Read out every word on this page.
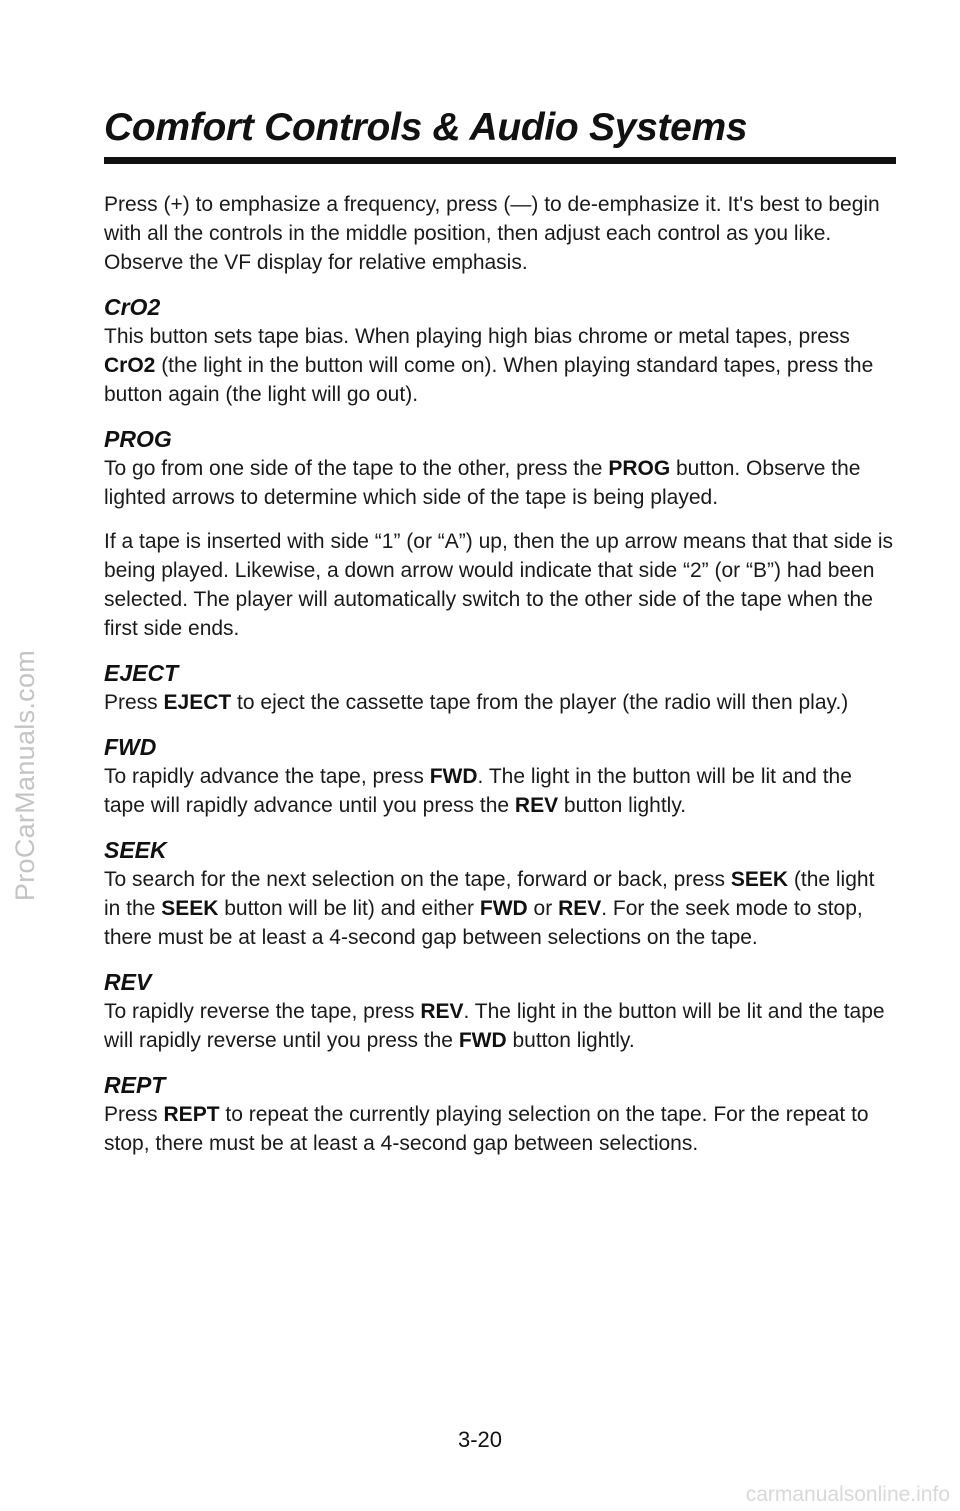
ProCarManuals.com
Comfort Controls & Audio Systems

Press (+) to emphasize a frequency, press (—) to de-emphasize it. It's best to begin with all the controls in the middle position, then adjust each control as you like. Observe the VF display for relative emphasis.

CrO2

This button sets tape bias. When playing high bias chrome or metal tapes, press CrO2 (the light in the button will come on). When playing standard tapes, press the button again (the light will go out).

PROG

To go from one side of the tape to the other, press the PROG button. Observe the lighted arrows to determine which side of the tape is being played.

If a tape is inserted with side “1” (or “A”) up, then the up arrow means that that side is being played. Likewise, a down arrow would indicate that side “2” (or “B”) had been selected. The player will automatically switch to the other side of the tape when the first side ends.

EJECT

Press EJECT to eject the cassette tape from the player (the radio will then play.)

FWD

To rapidly advance the tape, press FWD. The light in the button will be lit and the tape will rapidly advance until you press the REV button lightly.

SEEK

To search for the next selection on the tape, forward or back, press SEEK (the light in the SEEK button will be lit) and either FWD or REV. For the seek mode to stop, there must be at least a 4-second gap between selections on the tape.

REV

To rapidly reverse the tape, press REV. The light in the button will be lit and the tape will rapidly reverse until you press the FWD button lightly.

REPT

Press REPT to repeat the currently playing selection on the tape. For the repeat to stop, there must be at least a 4-second gap between selections.

3-20
carmanualsonline.info
